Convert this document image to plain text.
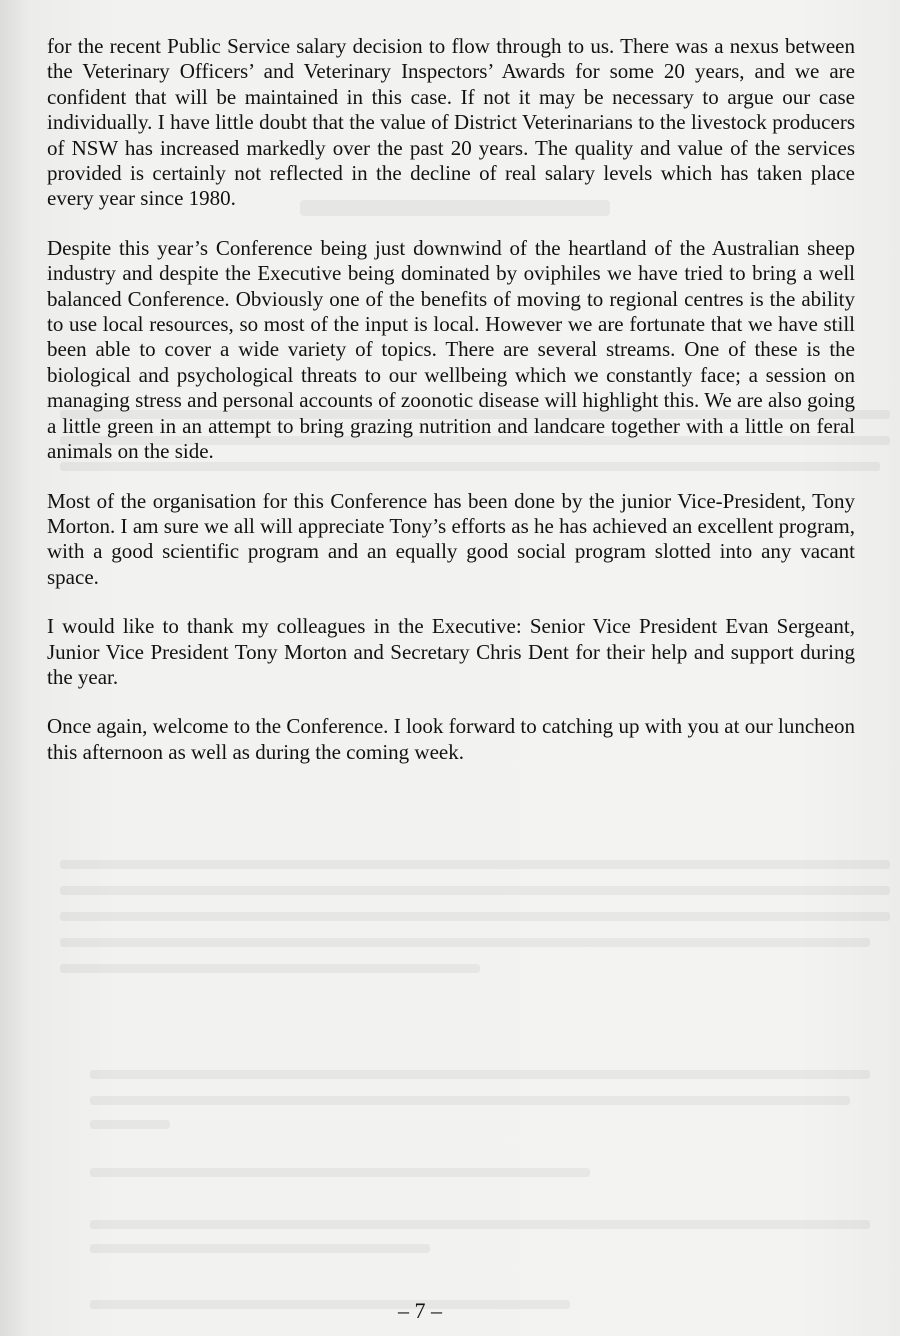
for the recent Public Service salary decision to flow through to us. There was a nexus between the Veterinary Officers’ and Veterinary Inspectors’ Awards for some 20 years, and we are confident that will be maintained in this case. If not it may be necessary to argue our case individually. I have little doubt that the value of District Veterinarians to the livestock producers of NSW has increased markedly over the past 20 years. The quality and value of the services provided is certainly not reflected in the decline of real salary levels which has taken place every year since 1980.

Despite this year’s Conference being just downwind of the heartland of the Australian sheep industry and despite the Executive being dominated by oviphiles we have tried to bring a well balanced Conference. Obviously one of the benefits of moving to regional centres is the ability to use local resources, so most of the input is local. However we are fortunate that we have still been able to cover a wide variety of topics. There are several streams. One of these is the biological and psychological threats to our wellbeing which we constantly face; a session on managing stress and personal accounts of zoonotic disease will highlight this. We are also going a little green in an attempt to bring grazing nutrition and landcare together with a little on feral animals on the side.

Most of the organisation for this Conference has been done by the junior Vice-President, Tony Morton. I am sure we all will appreciate Tony’s efforts as he has achieved an excellent program, with a good scientific program and an equally good social program slotted into any vacant space.

I would like to thank my colleagues in the Executive: Senior Vice President Evan Sergeant, Junior Vice President Tony Morton and Secretary Chris Dent for their help and support during the year.

Once again, welcome to the Conference. I look forward to catching up with you at our luncheon this afternoon as well as during the coming week.

– 7 –
